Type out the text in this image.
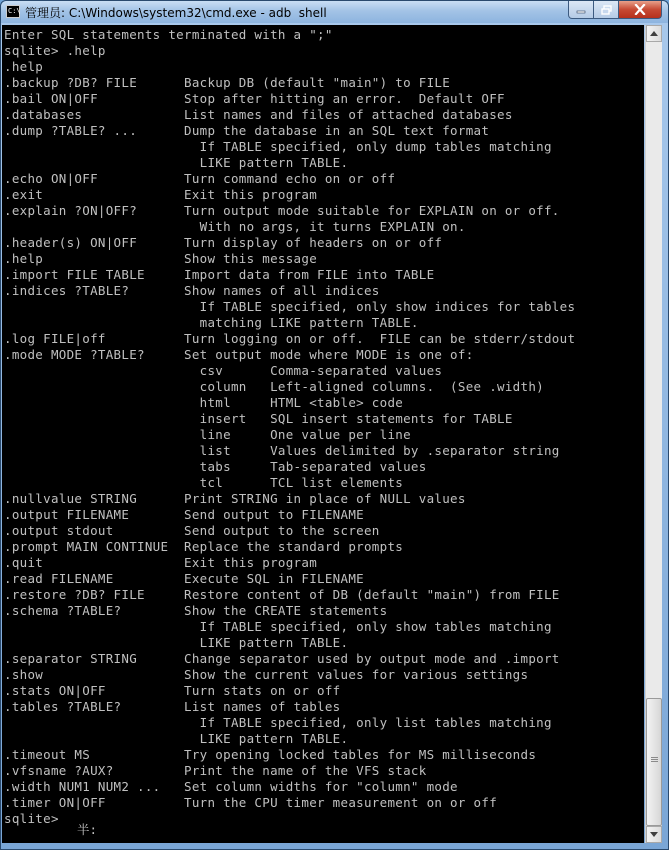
C:\ 管理员: C:\Windows\system32\cmd.exe - adb  shell
Enter SQL statements terminated with a ";"
sqlite> .help
.help
.backup ?DB? FILE      Backup DB (default "main") to FILE
.bail ON|OFF           Stop after hitting an error.  Default OFF
.databases             List names and files of attached databases
.dump ?TABLE? ...      Dump the database in an SQL text format
If TABLE specified, only dump tables matching
LIKE pattern TABLE.
.echo ON|OFF           Turn command echo on or off
.exit                  Exit this program
.explain ?ON|OFF?      Turn output mode suitable for EXPLAIN on or off.
With no args, it turns EXPLAIN on.
.header(s) ON|OFF      Turn display of headers on or off
.help                  Show this message
.import FILE TABLE     Import data from FILE into TABLE
.indices ?TABLE?       Show names of all indices
If TABLE specified, only show indices for tables
matching LIKE pattern TABLE.
.log FILE|off          Turn logging on or off.  FILE can be stderr/stdout
.mode MODE ?TABLE?     Set output mode where MODE is one of:
csv      Comma-separated values
column   Left-aligned columns.  (See .width)
html     HTML <table> code
insert   SQL insert statements for TABLE
line     One value per line
list     Values delimited by .separator string
tabs     Tab-separated values
tcl      TCL list elements
.nullvalue STRING      Print STRING in place of NULL values
.output FILENAME       Send output to FILENAME
.output stdout         Send output to the screen
.prompt MAIN CONTINUE  Replace the standard prompts
.quit                  Exit this program
.read FILENAME         Execute SQL in FILENAME
.restore ?DB? FILE     Restore content of DB (default "main") from FILE
.schema ?TABLE?        Show the CREATE statements
If TABLE specified, only show tables matching
LIKE pattern TABLE.
.separator STRING      Change separator used by output mode and .import
.show                  Show the current values for various settings
.stats ON|OFF          Turn stats on or off
.tables ?TABLE?        List names of tables
If TABLE specified, only list tables matching
LIKE pattern TABLE.
.timeout MS            Try opening locked tables for MS milliseconds
.vfsname ?AUX?         Print the name of the VFS stack
.width NUM1 NUM2 ...   Set column widths for "column" mode
.timer ON|OFF          Turn the CPU timer measurement on or off
sqlite>
半:
